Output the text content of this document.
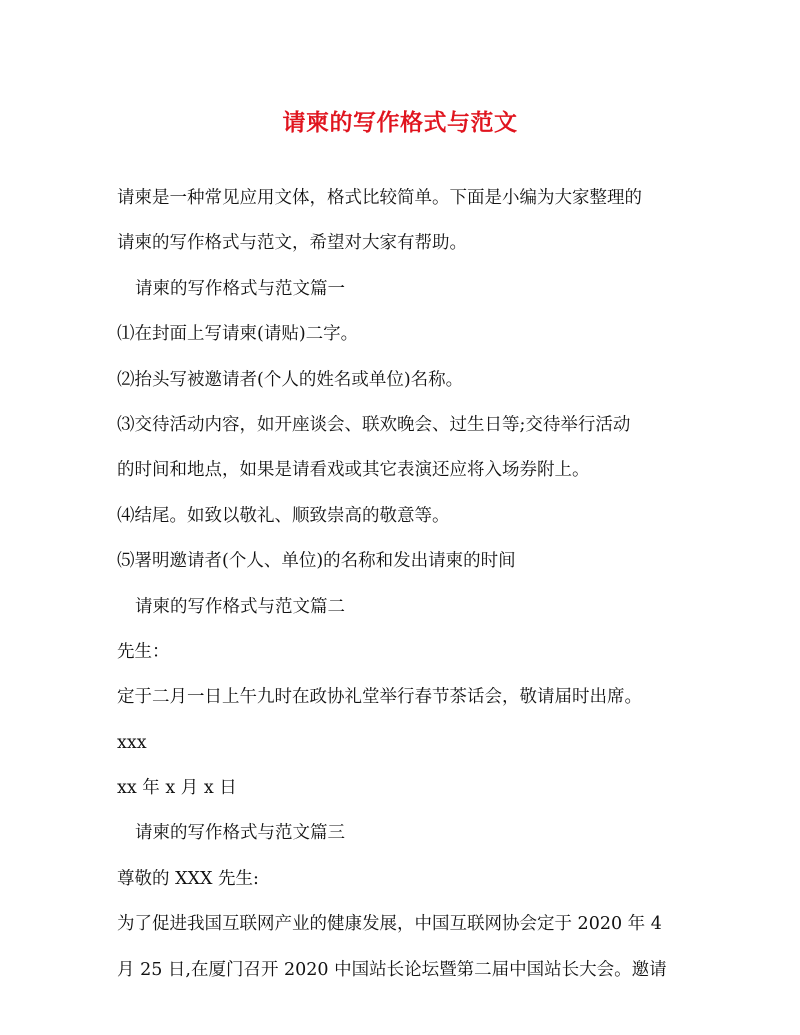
请柬的写作格式与范文
请柬是一种常见应用文体，格式比较简单。下面是小编为大家整理的
请柬的写作格式与范文，希望对大家有帮助。
请柬的写作格式与范文篇一
⑴在封面上写请柬(请贴)二字。
⑵抬头写被邀请者(个人的姓名或单位)名称。
⑶交待活动内容，如开座谈会、联欢晚会、过生日等;交待举行活动
的时间和地点，如果是请看戏或其它表演还应将入场券附上。
⑷结尾。如致以敬礼、顺致崇高的敬意等。
⑸署明邀请者(个人、单位)的名称和发出请柬的时间
请柬的写作格式与范文篇二
先生：
定于二月一日上午九时在政协礼堂举行春节茶话会，敬请届时出席。
xxx
xx 年 x 月 x 日
请柬的写作格式与范文篇三
尊敬的 XXX 先生:
为了促进我国互联网产业的健康发展，中国互联网协会定于 2020 年 4
月 25 日,在厦门召开 2020 中国站长论坛暨第二届中国站长大会。邀请
